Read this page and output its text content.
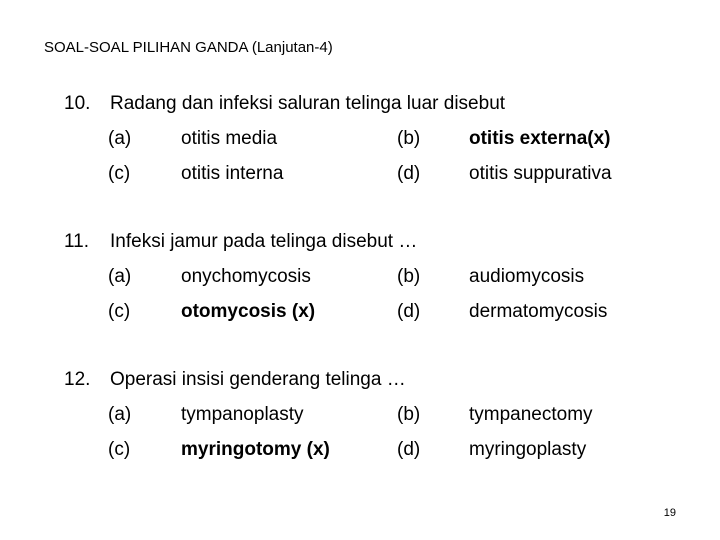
SOAL-SOAL PILIHAN GANDA (Lanjutan-4)
10. Radang dan infeksi saluran telinga luar disebut
(a)	otitis media	(b)	otitis externa(x)
(c)	otitis interna	(d)	otitis suppurativa
11. Infeksi jamur pada telinga disebut …
(a)	onychomycosis	(b)	audiomycosis
(c)	otomycosis (x)	(d)	dermatomycosis
12. Operasi insisi genderang telinga …
(a)	tympanoplasty	(b)	tympanectomy
(c)	myringotomy (x)	(d)	myringoplasty
19
